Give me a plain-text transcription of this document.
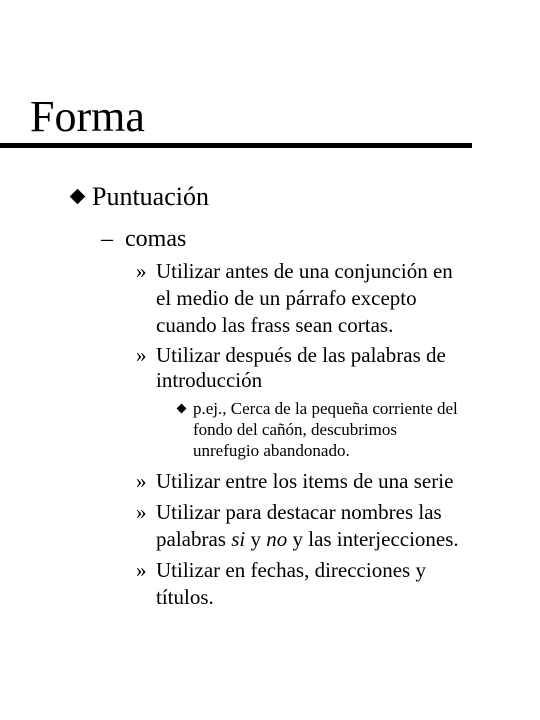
Forma
Puntuación
– comas
» Utilizar antes de una conjunción en
el medio de un párrafo excepto
cuando las frass sean cortas.
» Utilizar después de las palabras de
introducción
p.ej., Cerca de la pequeña corriente del
fondo del cañón, descubrimos
unrefugio abandonado.
» Utilizar entre los items de una serie
» Utilizar para destacar nombres las
palabras si y no y las interjecciones.
» Utilizar en fechas, direcciones y
títulos.
